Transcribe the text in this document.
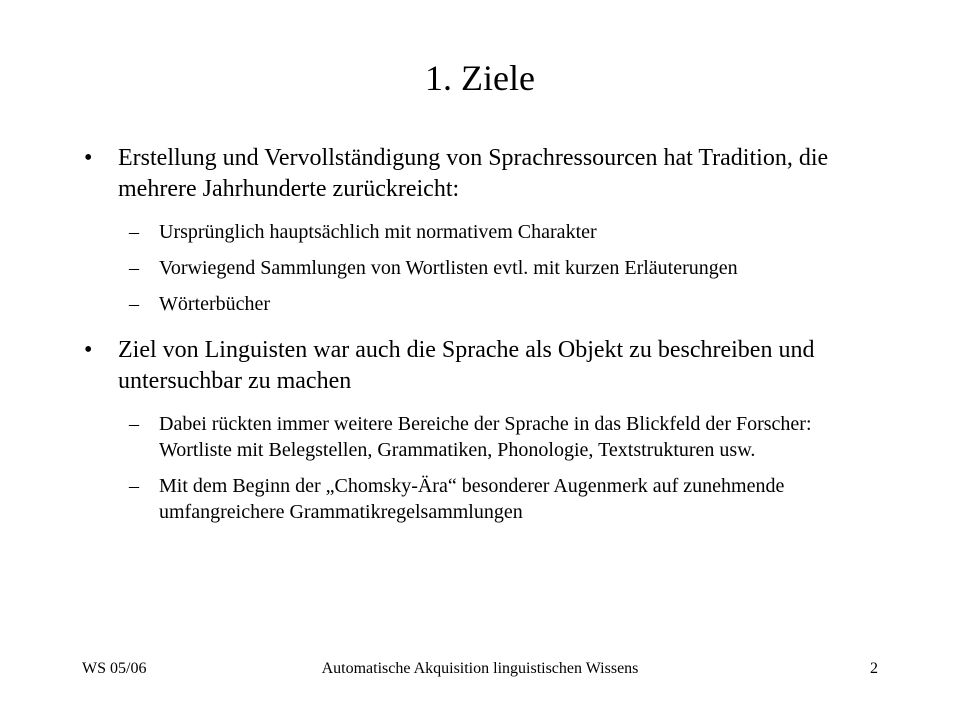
1. Ziele
•	Erstellung und Vervollständigung von Sprachressourcen hat Tradition, die mehrere Jahrhunderte zurückreicht:
–	Ursprünglich hauptsächlich mit normativem Charakter
–	Vorwiegend Sammlungen von Wortlisten evtl. mit kurzen Erläuterungen
–	Wörterbücher
•	Ziel von Linguisten war auch die Sprache als Objekt zu beschreiben und untersuchbar zu machen
–	Dabei rückten immer weitere Bereiche der Sprache in das Blickfeld der Forscher: Wortliste mit Belegstellen, Grammatiken, Phonologie, Textstrukturen usw.
–	Mit dem Beginn der „Chomsky-Ära“ besonderer Augenmerk auf zunehmende umfangreichere Grammatikregelsammlungen
WS 05/06	Automatische Akquisition linguistischen Wissens	2
